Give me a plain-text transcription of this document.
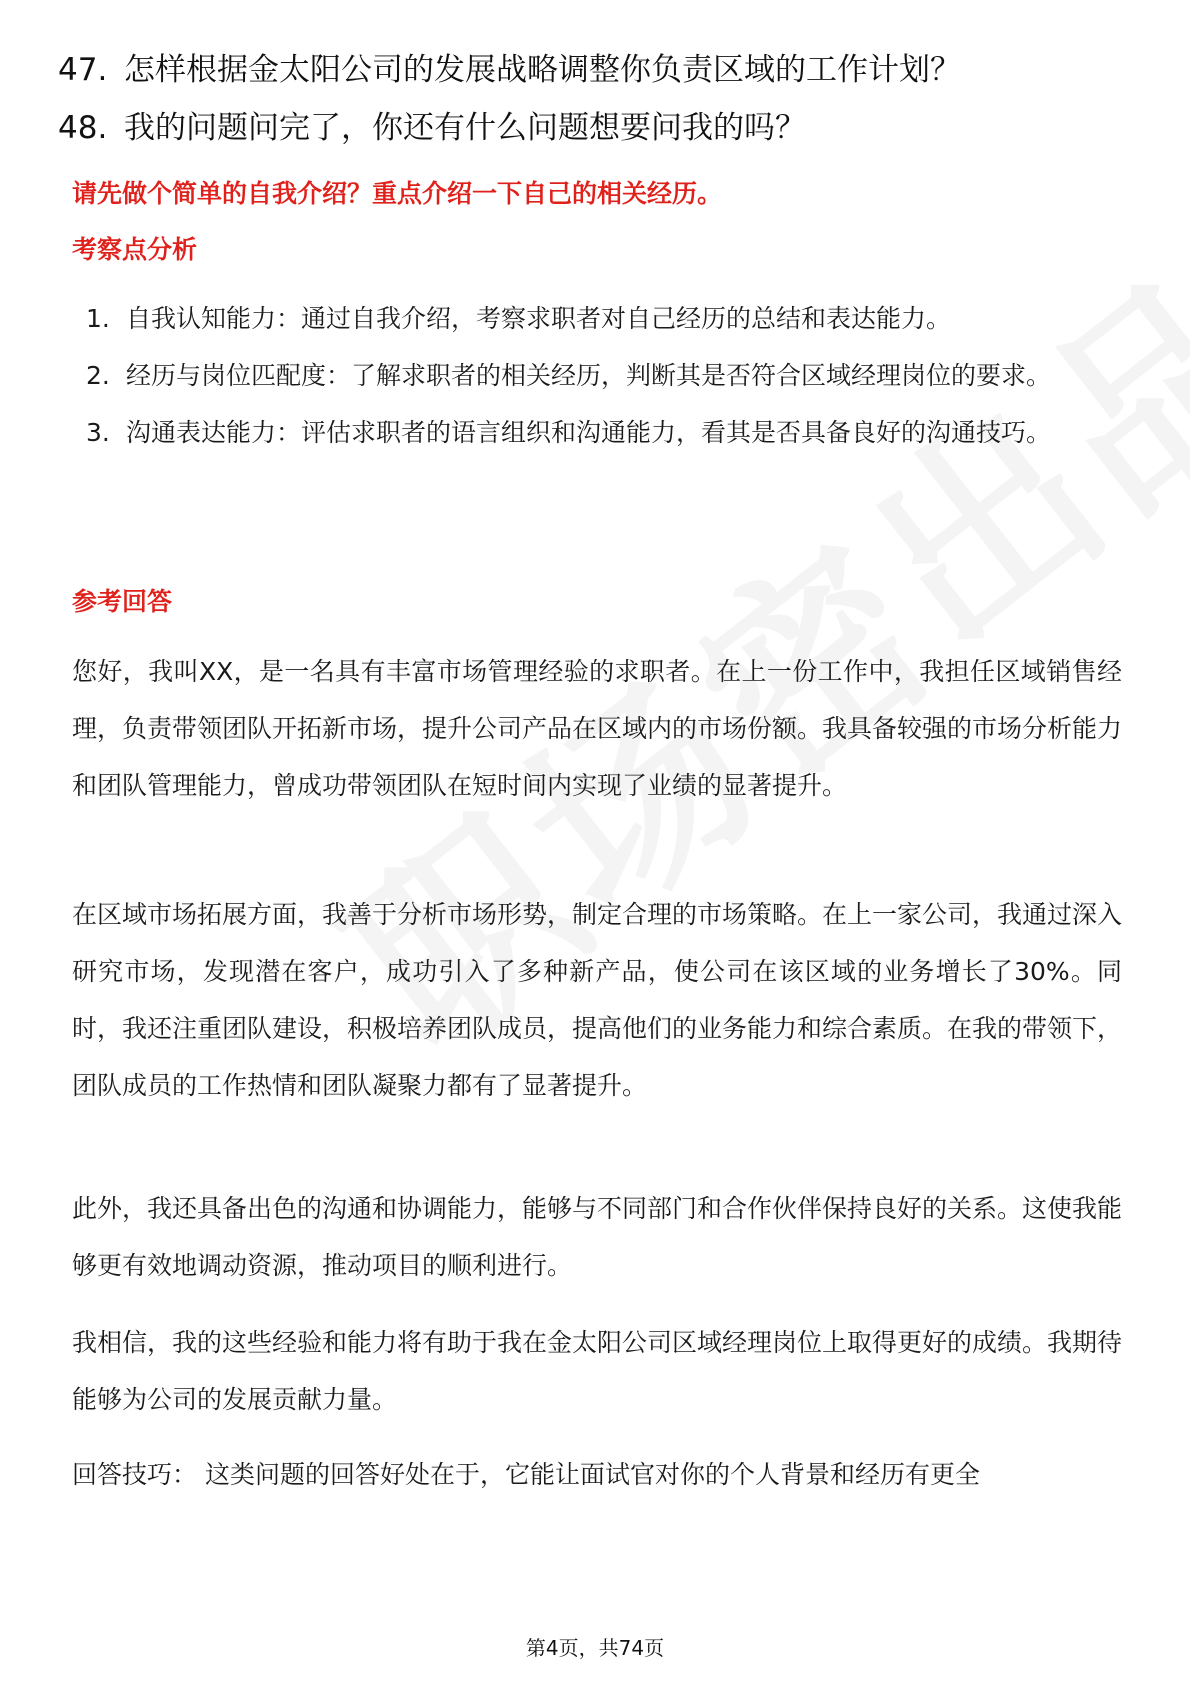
47. 怎样根据金太阳公司的发展战略调整你负责区域的工作计划？
48. 我的问题问完了，你还有什么问题想要问我的吗？
请先做个简单的自我介绍？重点介绍一下自己的相关经历。
考察点分析
1. 自我认知能力：通过自我介绍，考察求职者对自己经历的总结和表达能力。
2. 经历与岗位匹配度：了解求职者的相关经历，判断其是否符合区域经理岗位的要求。
3. 沟通表达能力：评估求职者的语言组织和沟通能力，看其是否具备良好的沟通技巧。
参考回答
您好，我叫XX，是一名具有丰富市场管理经验的求职者。在上一份工作中，我担任区域销售经理，负责带领团队开拓新市场，提升公司产品在区域内的市场份额。我具备较强的市场分析能力和团队管理能力，曾成功带领团队在短时间内实现了业绩的显著提升。
在区域市场拓展方面，我善于分析市场形势，制定合理的市场策略。在上一家公司，我通过深入研究市场，发现潜在客户，成功引入了多种新产品，使公司在该区域的业务增长了30%。同时，我还注重团队建设，积极培养团队成员，提高他们的业务能力和综合素质。在我的带领下，团队成员的工作热情和团队凝聚力都有了显著提升。
此外，我还具备出色的沟通和协调能力，能够与不同部门和合作伙伴保持良好的关系。这使我能够更有效地调动资源，推动项目的顺利进行。
我相信，我的这些经验和能力将有助于我在金太阳公司区域经理岗位上取得更好的成绩。我期待能够为公司的发展贡献力量。
回答技巧： 这类问题的回答好处在于，它能让面试官对你的个人背景和经历有更全
第4页，共74页
